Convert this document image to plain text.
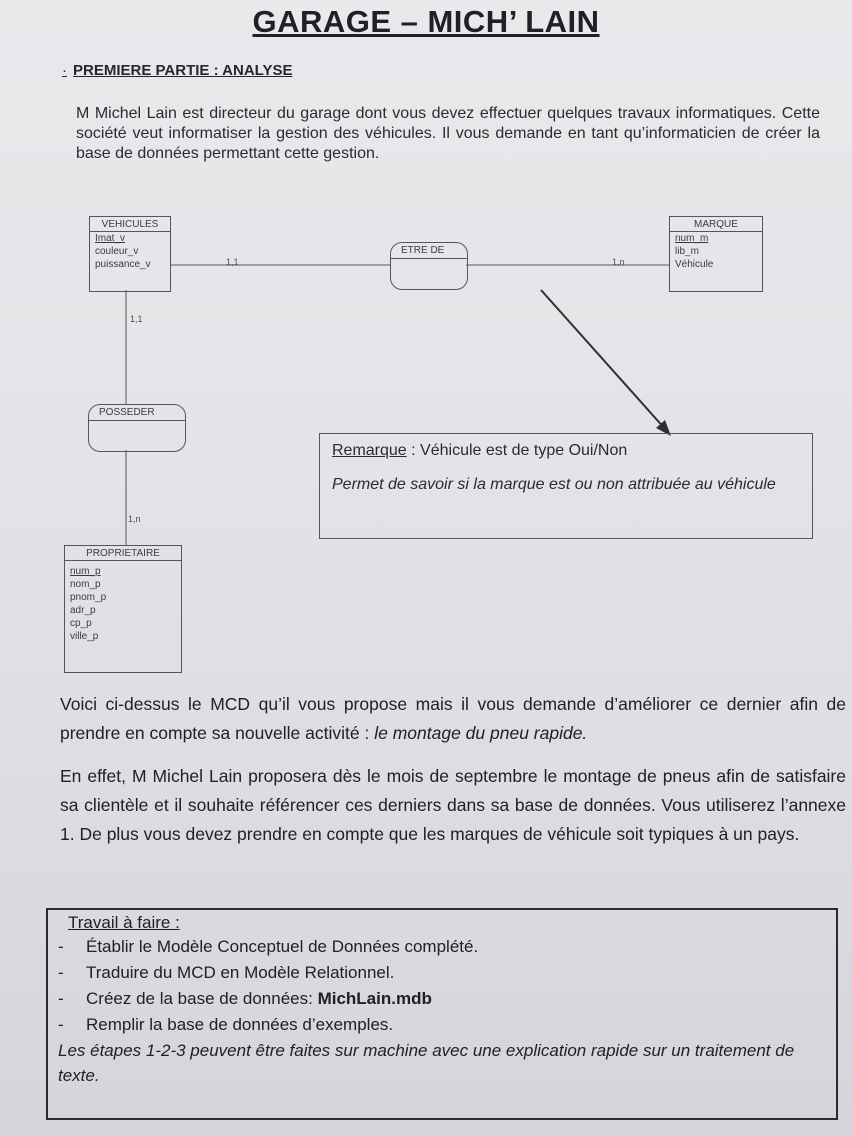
GARAGE – MICH’ LAIN
· PREMIERE PARTIE : ANALYSE
M Michel Lain est directeur du garage dont vous devez effectuer quelques travaux informatiques. Cette société veut informatiser la gestion des véhicules. Il vous demande en tant qu’informaticien de créer la base de données permettant cette gestion.
VEHICULES
Imat_v
couleur_v
puissance_v
ETRE DE
MARQUE
num_m
lib_m
Véhicule
POSSEDER
PROPRIETAIRE
num_p
nom_p
pnom_p
adr_p
cp_p
ville_p
1,1	1,n
1,1
1,n
Remarque : Véhicule est de type Oui/Non
Permet de savoir si la marque est ou non attribuée au véhicule
Voici ci-dessus le MCD qu’il vous propose mais il vous demande d’améliorer ce dernier afin de prendre en compte sa nouvelle activité : le montage du pneu rapide.
En effet, M Michel Lain proposera dès le mois de septembre le montage de pneus afin de satisfaire sa clientèle et il souhaite référencer ces derniers dans sa base de données. Vous utiliserez l’annexe 1. De plus vous devez prendre en compte que les marques de véhicule soit typiques à un pays.
Travail à faire :
- Établir le Modèle Conceptuel de Données complété.
- Traduire du MCD en Modèle Relationnel.
- Créez de la base de données: MichLain.mdb
- Remplir la base de données d’exemples.
Les étapes 1-2-3 peuvent être faites sur machine avec une explication rapide sur un traitement de texte.
